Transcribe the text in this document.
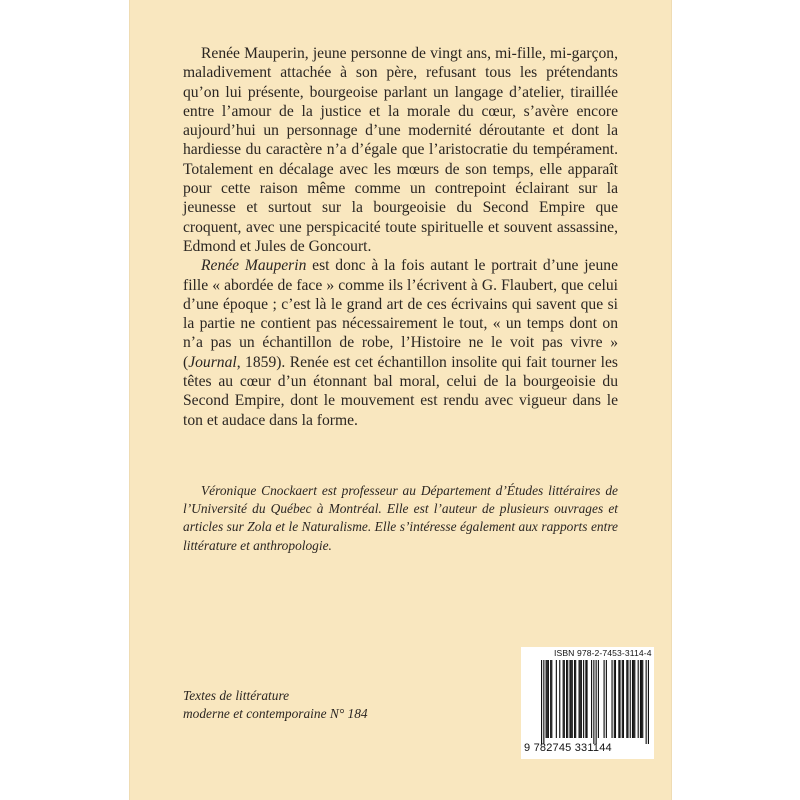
Renée Mauperin, jeune personne de vingt ans, mi-fille, mi-garçon, maladivement attachée à son père, refusant tous les prétendants qu’on lui présente, bourgeoise parlant un langage d’atelier, tiraillée entre l’amour de la justice et la morale du cœur, s’avère encore aujourd’hui un personnage d’une modernité déroutante et dont la hardiesse du caractère n’a d’égale que l’aristocratie du tempérament. Totalement en décalage avec les mœurs de son temps, elle apparaît pour cette raison même comme un contrepoint éclairant sur la jeunesse et surtout sur la bourgeoisie du Second Empire que croquent, avec une perspicacité toute spirituelle et souvent assassine, Edmond et Jules de Goncourt.

Renée Mauperin est donc à la fois autant le portrait d’une jeune fille « abordée de face » comme ils l’écrivent à G. Flaubert, que celui d’une époque ; c’est là le grand art de ces écrivains qui savent que si la partie ne contient pas nécessairement le tout, « un temps dont on n’a pas un échantillon de robe, l’Histoire ne le voit pas vivre » (Journal, 1859). Renée est cet échantillon insolite qui fait tourner les têtes au cœur d’un étonnant bal moral, celui de la bourgeoisie du Second Empire, dont le mouvement est rendu avec vigueur dans le ton et audace dans la forme.

Véronique Cnockaert est professeur au Département d’Études littéraires de l’Université du Québec à Montréal. Elle est l’auteur de plusieurs ouvrages et articles sur Zola et le Naturalisme. Elle s’intéresse également aux rapports entre littérature et anthropologie.
Textes de littérature
moderne et contemporaine N° 184
ISBN 978-2-7453-3114-4
9 782745 331144
